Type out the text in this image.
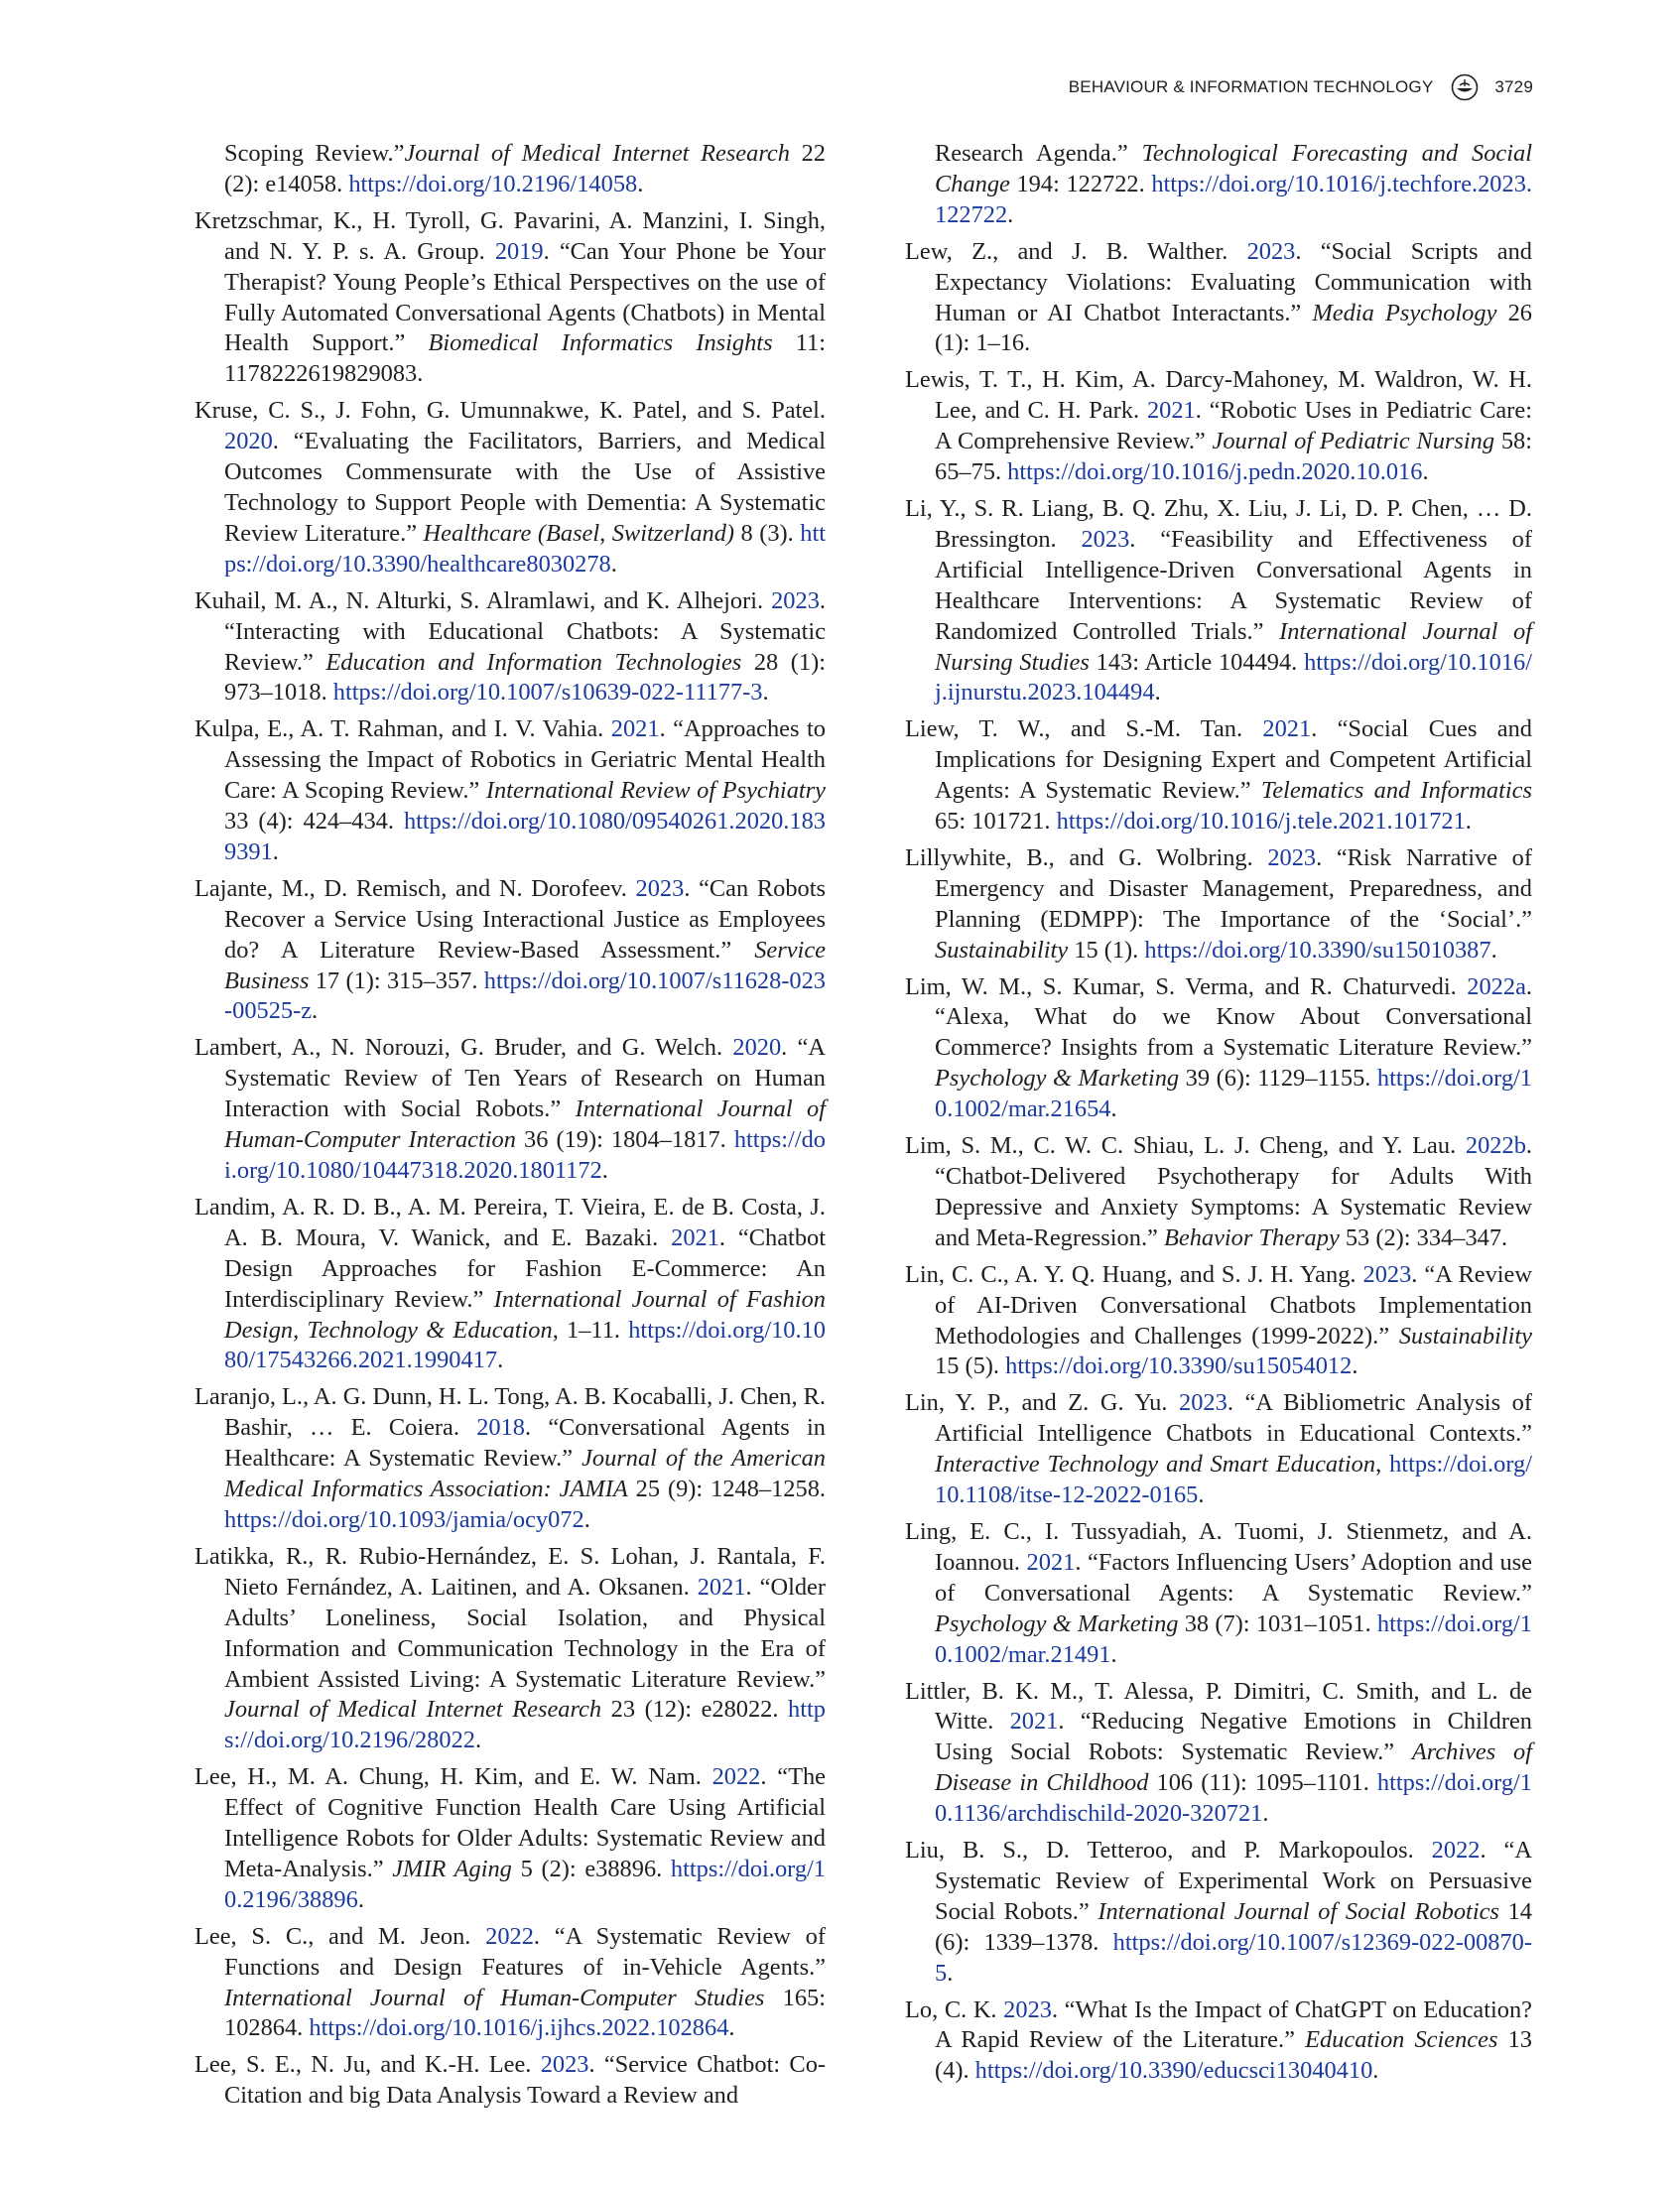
BEHAVIOUR & INFORMATION TECHNOLOGY	3729

Scoping Review.”Journal of Medical Internet Research 22 (2): e14058. https://doi.org/10.2196/14058.

Kretzschmar, K., H. Tyroll, G. Pavarini, A. Manzini, I. Singh, and N. Y. P. s. A. Group. 2019. “Can Your Phone be Your Therapist? Young People’s Ethical Perspectives on the use of Fully Automated Conversational Agents (Chatbots) in Mental Health Support.” Biomedical Informatics Insights 11: 1178222619829083.

Kruse, C. S., J. Fohn, G. Umunnakwe, K. Patel, and S. Patel. 2020. “Evaluating the Facilitators, Barriers, and Medical Outcomes Commensurate with the Use of Assistive Technology to Support People with Dementia: A Systematic Review Literature.” Healthcare (Basel, Switzerland) 8 (3). https://doi.org/10.3390/healthcare8030278.

Kuhail, M. A., N. Alturki, S. Alramlawi, and K. Alhejori. 2023. “Interacting with Educational Chatbots: A Systematic Review.” Education and Information Technologies 28 (1): 973–1018. https://doi.org/10.1007/s10639-022-11177-3.

Kulpa, E., A. T. Rahman, and I. V. Vahia. 2021. “Approaches to Assessing the Impact of Robotics in Geriatric Mental Health Care: A Scoping Review.” International Review of Psychiatry 33 (4): 424–434. https://doi.org/10.1080/09540261.2020.1839391.

Lajante, M., D. Remisch, and N. Dorofeev. 2023. “Can Robots Recover a Service Using Interactional Justice as Employees do? A Literature Review-Based Assessment.” Service Business 17 (1): 315–357. https://doi.org/10.1007/s11628-023-00525-z.

Lambert, A., N. Norouzi, G. Bruder, and G. Welch. 2020. “A Systematic Review of Ten Years of Research on Human Interaction with Social Robots.” International Journal of Human-Computer Interaction 36 (19): 1804–1817. https://doi.org/10.1080/10447318.2020.1801172.

Landim, A. R. D. B., A. M. Pereira, T. Vieira, E. de B. Costa, J. A. B. Moura, V. Wanick, and E. Bazaki. 2021. “Chatbot Design Approaches for Fashion E-Commerce: An Interdisciplinary Review.” International Journal of Fashion Design, Technology & Education, 1–11. https://doi.org/10.1080/17543266.2021.1990417.

Laranjo, L., A. G. Dunn, H. L. Tong, A. B. Kocaballi, J. Chen, R. Bashir, … E. Coiera. 2018. “Conversational Agents in Healthcare: A Systematic Review.” Journal of the American Medical Informatics Association: JAMIA 25 (9): 1248–1258. https://doi.org/10.1093/jamia/ocy072.

Latikka, R., R. Rubio-Hernández, E. S. Lohan, J. Rantala, F. Nieto Fernández, A. Laitinen, and A. Oksanen. 2021. “Older Adults’ Loneliness, Social Isolation, and Physical Information and Communication Technology in the Era of Ambient Assisted Living: A Systematic Literature Review.” Journal of Medical Internet Research 23 (12): e28022. https://doi.org/10.2196/28022.

Lee, H., M. A. Chung, H. Kim, and E. W. Nam. 2022. “The Effect of Cognitive Function Health Care Using Artificial Intelligence Robots for Older Adults: Systematic Review and Meta-Analysis.” JMIR Aging 5 (2): e38896. https://doi.org/10.2196/38896.

Lee, S. C., and M. Jeon. 2022. “A Systematic Review of Functions and Design Features of in-Vehicle Agents.” International Journal of Human-Computer Studies 165: 102864. https://doi.org/10.1016/j.ijhcs.2022.102864.

Lee, S. E., N. Ju, and K.-H. Lee. 2023. “Service Chatbot: Co-Citation and big Data Analysis Toward a Review and

Research Agenda.” Technological Forecasting and Social Change 194: 122722. https://doi.org/10.1016/j.techfore.2023.122722.

Lew, Z., and J. B. Walther. 2023. “Social Scripts and Expectancy Violations: Evaluating Communication with Human or AI Chatbot Interactants.” Media Psychology 26 (1): 1–16.

Lewis, T. T., H. Kim, A. Darcy-Mahoney, M. Waldron, W. H. Lee, and C. H. Park. 2021. “Robotic Uses in Pediatric Care: A Comprehensive Review.” Journal of Pediatric Nursing 58: 65–75. https://doi.org/10.1016/j.pedn.2020.10.016.

Li, Y., S. R. Liang, B. Q. Zhu, X. Liu, J. Li, D. P. Chen, … D. Bressington. 2023. “Feasibility and Effectiveness of Artificial Intelligence-Driven Conversational Agents in Healthcare Interventions: A Systematic Review of Randomized Controlled Trials.” International Journal of Nursing Studies 143: Article 104494. https://doi.org/10.1016/j.ijnurstu.2023.104494.

Liew, T. W., and S.-M. Tan. 2021. “Social Cues and Implications for Designing Expert and Competent Artificial Agents: A Systematic Review.” Telematics and Informatics 65: 101721. https://doi.org/10.1016/j.tele.2021.101721.

Lillywhite, B., and G. Wolbring. 2023. “Risk Narrative of Emergency and Disaster Management, Preparedness, and Planning (EDMPP): The Importance of the ‘Social’.” Sustainability 15 (1). https://doi.org/10.3390/su15010387.

Lim, W. M., S. Kumar, S. Verma, and R. Chaturvedi. 2022a. “Alexa, What do we Know About Conversational Commerce? Insights from a Systematic Literature Review.” Psychology & Marketing 39 (6): 1129–1155. https://doi.org/10.1002/mar.21654.

Lim, S. M., C. W. C. Shiau, L. J. Cheng, and Y. Lau. 2022b. “Chatbot-Delivered Psychotherapy for Adults With Depressive and Anxiety Symptoms: A Systematic Review and Meta-Regression.” Behavior Therapy 53 (2): 334–347.

Lin, C. C., A. Y. Q. Huang, and S. J. H. Yang. 2023. “A Review of AI-Driven Conversational Chatbots Implementation Methodologies and Challenges (1999-2022).” Sustainability 15 (5). https://doi.org/10.3390/su15054012.

Lin, Y. P., and Z. G. Yu. 2023. “A Bibliometric Analysis of Artificial Intelligence Chatbots in Educational Contexts.” Interactive Technology and Smart Education, https://doi.org/10.1108/itse-12-2022-0165.

Ling, E. C., I. Tussyadiah, A. Tuomi, J. Stienmetz, and A. Ioannou. 2021. “Factors Influencing Users’ Adoption and use of Conversational Agents: A Systematic Review.” Psychology & Marketing 38 (7): 1031–1051. https://doi.org/10.1002/mar.21491.

Littler, B. K. M., T. Alessa, P. Dimitri, C. Smith, and L. de Witte. 2021. “Reducing Negative Emotions in Children Using Social Robots: Systematic Review.” Archives of Disease in Childhood 106 (11): 1095–1101. https://doi.org/10.1136/archdischild-2020-320721.

Liu, B. S., D. Tetteroo, and P. Markopoulos. 2022. “A Systematic Review of Experimental Work on Persuasive Social Robots.” International Journal of Social Robotics 14 (6): 1339–1378. https://doi.org/10.1007/s12369-022-00870-5.

Lo, C. K. 2023. “What Is the Impact of ChatGPT on Education? A Rapid Review of the Literature.” Education Sciences 13 (4). https://doi.org/10.3390/educsci13040410.
